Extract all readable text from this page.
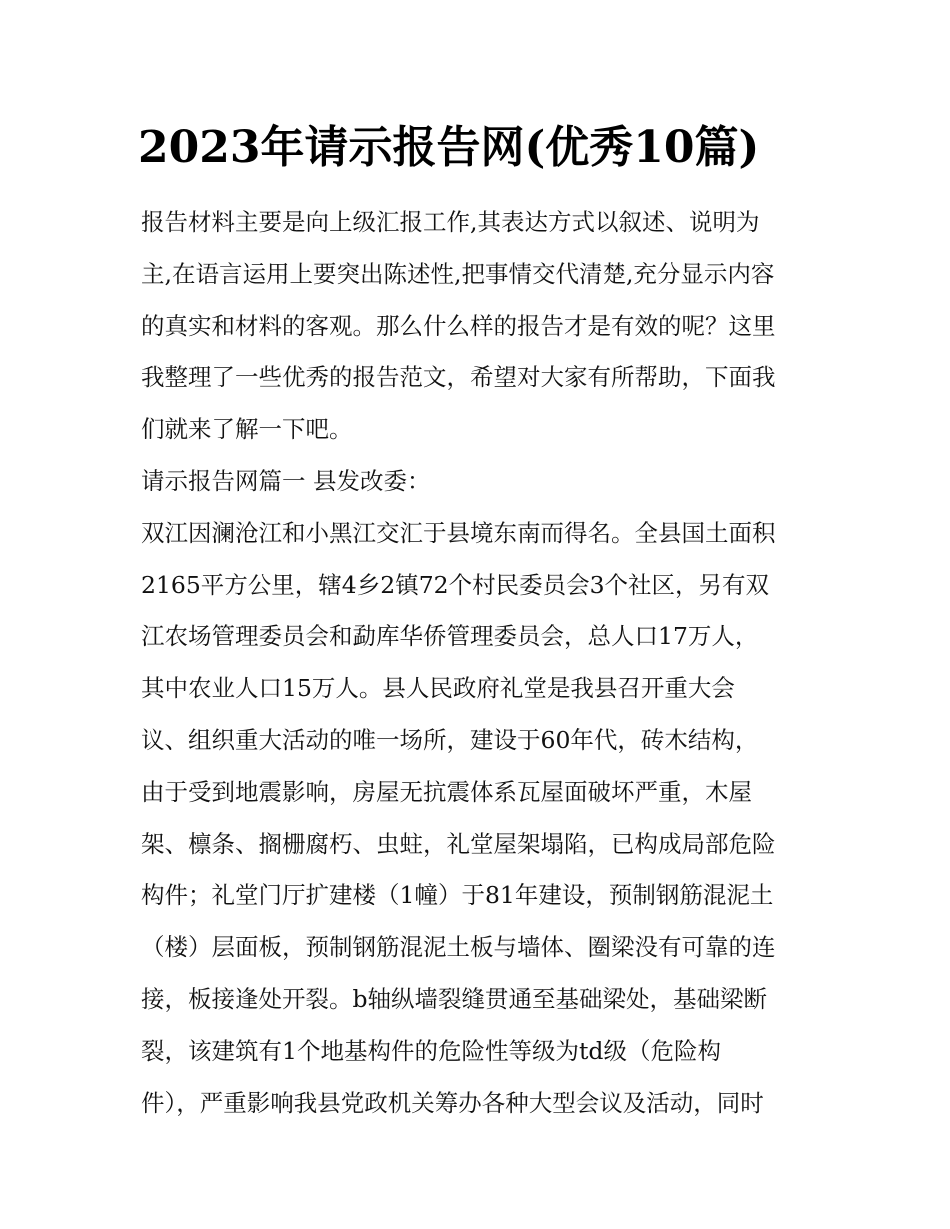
2023年请示报告网(优秀10篇)
报告材料主要是向上级汇报工作,其表达方式以叙述、说明为
主,在语言运用上要突出陈述性,把事情交代清楚,充分显示内容
的真实和材料的客观。那么什么样的报告才是有效的呢？这里
我整理了一些优秀的报告范文，希望对大家有所帮助，下面我
们就来了解一下吧。
请示报告网篇一 县发改委：
双江因澜沧江和小黑江交汇于县境东南而得名。全县国土面积
2165平方公里，辖4乡2镇72个村民委员会3个社区，另有双
江农场管理委员会和勐库华侨管理委员会，总人口17万人，
其中农业人口15万人。县人民政府礼堂是我县召开重大会
议、组织重大活动的唯一场所，建设于60年代，砖木结构，
由于受到地震影响，房屋无抗震体系瓦屋面破坏严重，木屋
架、檩条、搁栅腐朽、虫蛀，礼堂屋架塌陷，已构成局部危险
构件；礼堂门厅扩建楼（1幢）于81年建设，预制钢筋混泥土
（楼）层面板，预制钢筋混泥土板与墙体、圈梁没有可靠的连
接，板接逢处开裂。b轴纵墙裂缝贯通至基础梁处，基础梁断
裂，该建筑有1个地基构件的危险性等级为td级（危险构
件），严重影响我县党政机关筹办各种大型会议及活动，同时
